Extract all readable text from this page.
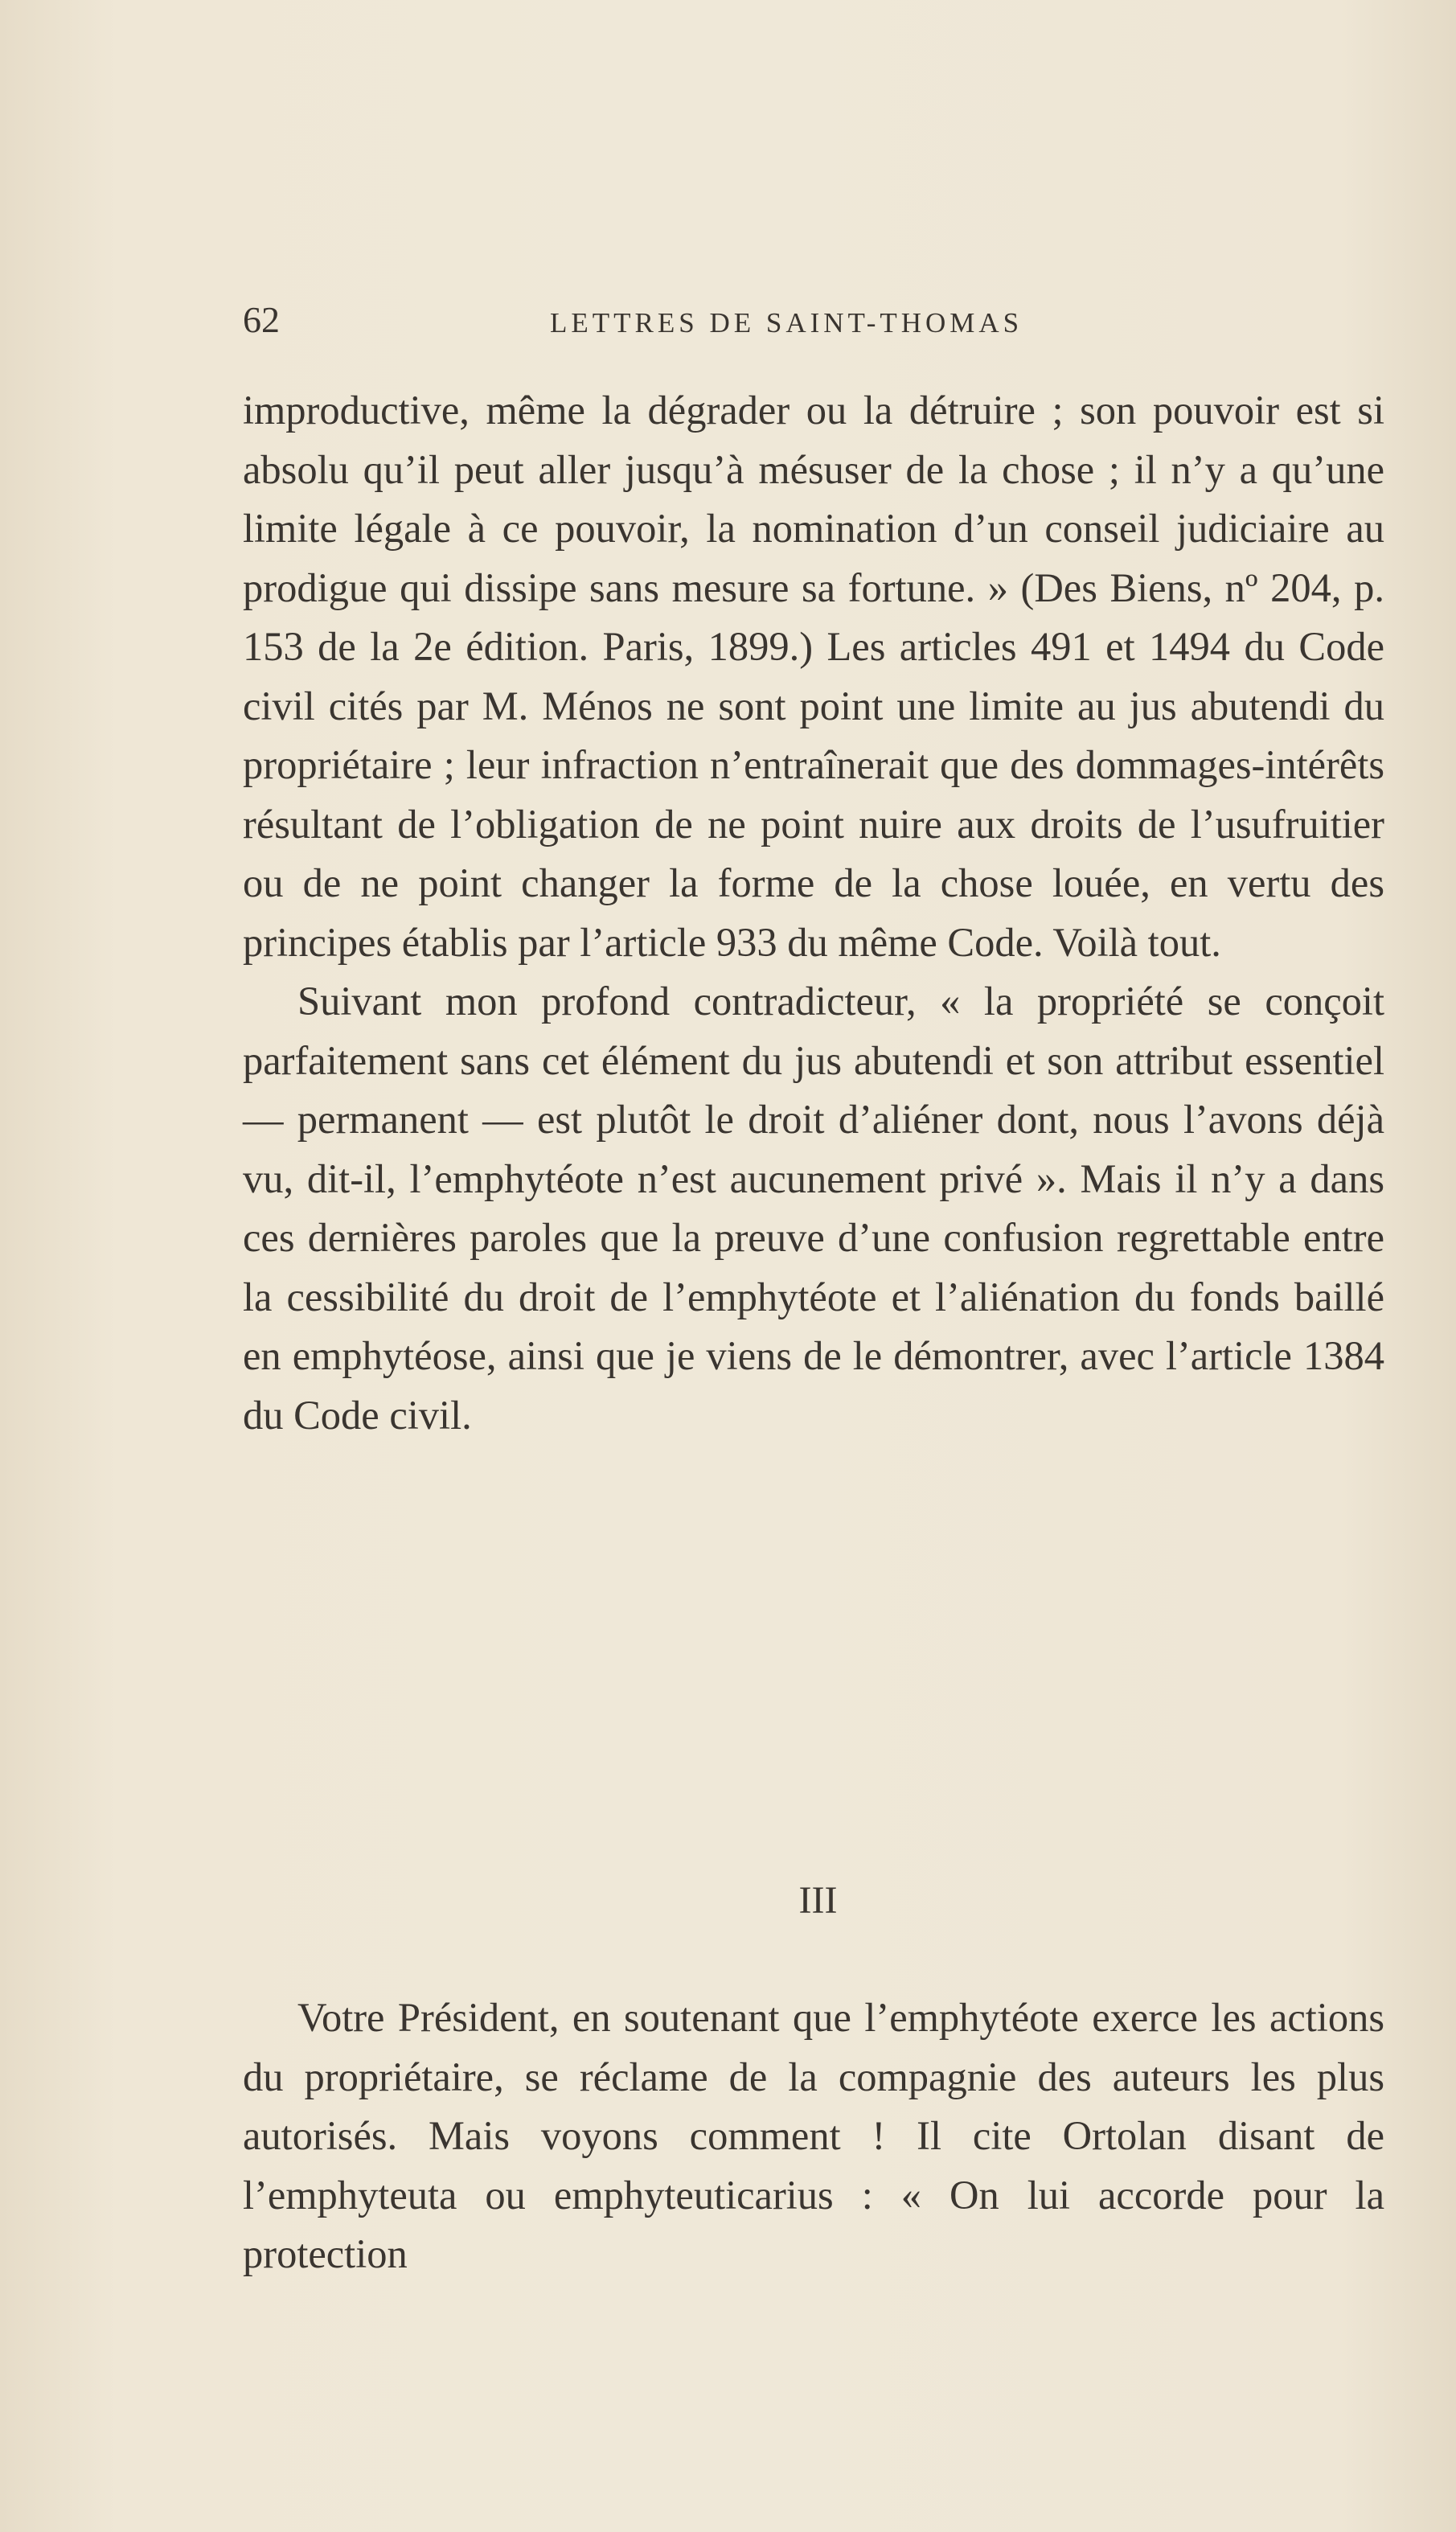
62	LETTRES DE SAINT-THOMAS

improductive, même la dégrader ou la détruire ; son pouvoir est si absolu qu’il peut aller jusqu’à mésuser de la chose ; il n’y a qu’une limite légale à ce pouvoir, la nomination d’un conseil judiciaire au prodigue qui dissipe sans mesure sa fortune. » (Des Biens, nº 204, p. 153 de la 2e édition. Paris, 1899.) Les articles 491 et 1494 du Code civil cités par M. Ménos ne sont point une limite au jus abutendi du propriétaire ; leur infraction n’entraînerait que des dommages-intérêts résultant de l’obligation de ne point nuire aux droits de l’usufruitier ou de ne point changer la forme de la chose louée, en vertu des principes établis par l’article 933 du même Code. Voilà tout.

Suivant mon profond contradicteur, « la propriété se conçoit parfaitement sans cet élément du jus abutendi et son attribut essentiel — permanent — est plutôt le droit d’aliéner dont, nous l’avons déjà vu, dit-il, l’emphytéote n’est aucunement privé ». Mais il n’y a dans ces dernières paroles que la preuve d’une confusion regrettable entre la cessibilité du droit de l’emphytéote et l’aliénation du fonds baillé en emphytéose, ainsi que je viens de le démontrer, avec l’article 1384 du Code civil.

III

Votre Président, en soutenant que l’emphytéote exerce les actions du propriétaire, se réclame de la compagnie des auteurs les plus autorisés. Mais voyons comment ! Il cite Ortolan disant de l’emphyteuta ou emphyteuticarius : « On lui accorde pour la protection
